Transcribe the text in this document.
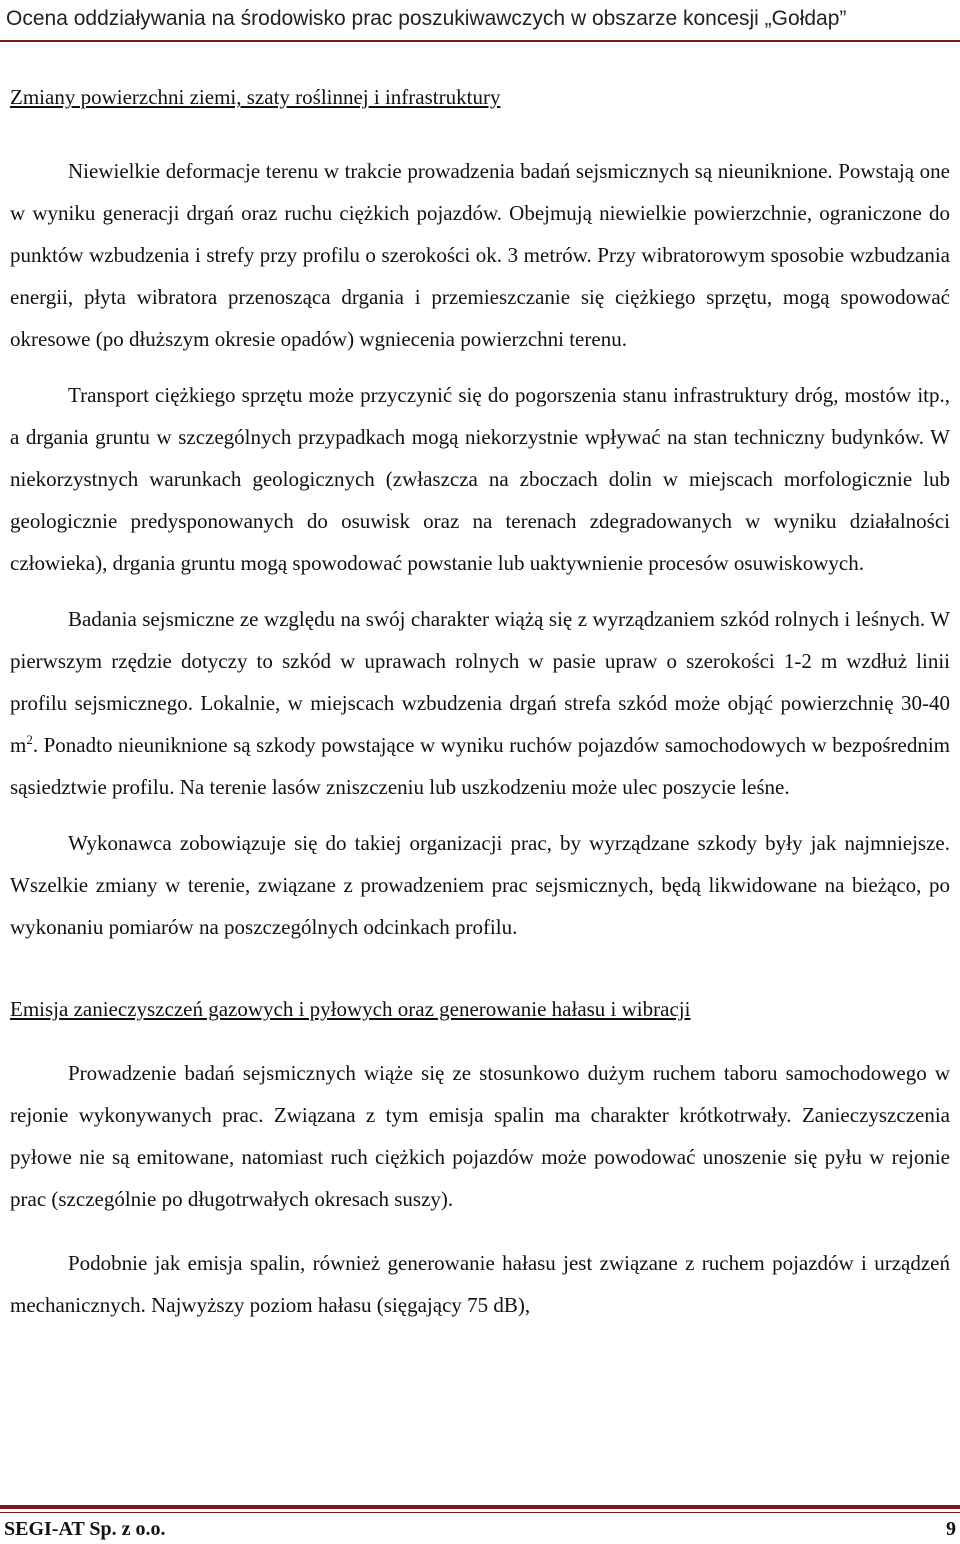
Ocena oddziaływania na środowisko prac poszukiwawczych w obszarze koncesji „Gołdap”
Zmiany powierzchni ziemi, szaty roślinnej i infrastruktury

Niewielkie deformacje terenu w trakcie prowadzenia badań sejsmicznych są nieuniknione. Powstają one w wyniku generacji drgań oraz ruchu ciężkich pojazdów. Obejmują niewielkie powierzchnie, ograniczone do punktów wzbudzenia i strefy przy profilu o szerokości ok. 3 metrów. Przy wibratorowym sposobie wzbudzania energii, płyta wibratora przenosząca drgania i przemieszczanie się ciężkiego sprzętu, mogą spowodować okresowe (po dłuższym okresie opadów) wgniecenia powierzchni terenu.

Transport ciężkiego sprzętu może przyczynić się do pogorszenia stanu infrastruktury dróg, mostów itp., a drgania gruntu w szczególnych przypadkach mogą niekorzystnie wpływać na stan techniczny budynków. W niekorzystnych warunkach geologicznych (zwłaszcza na zboczach dolin w miejscach morfologicznie lub geologicznie predysponowanych do osuwisk oraz na terenach zdegradowanych w wyniku działalności człowieka), drgania gruntu mogą spowodować powstanie lub uaktywnienie procesów osuwiskowych.

Badania sejsmiczne ze względu na swój charakter wiążą się z wyrządzaniem szkód rolnych i leśnych. W pierwszym rzędzie dotyczy to szkód w uprawach rolnych w pasie upraw o szerokości 1-2 m wzdłuż linii profilu sejsmicznego. Lokalnie, w miejscach wzbudzenia drgań strefa szkód może objąć powierzchnię 30-40 $m^2$. Ponadto nieuniknione są szkody powstające w wyniku ruchów pojazdów samochodowych w bezpośrednim sąsiedztwie profilu. Na terenie lasów zniszczeniu lub uszkodzeniu może ulec poszycie leśne.

Wykonawca zobowiązuje się do takiej organizacji prac, by wyrządzane szkody były jak najmniejsze. Wszelkie zmiany w terenie, związane z prowadzeniem prac sejsmicznych, będą likwidowane na bieżąco, po wykonaniu pomiarów na poszczególnych odcinkach profilu.

Emisja zanieczyszczeń gazowych i pyłowych oraz generowanie hałasu i wibracji

Prowadzenie badań sejsmicznych wiąże się ze stosunkowo dużym ruchem taboru samochodowego w rejonie wykonywanych prac. Związana z tym emisja spalin ma charakter krótkotrwały. Zanieczyszczenia pyłowe nie są emitowane, natomiast ruch ciężkich pojazdów może powodować unoszenie się pyłu w rejonie prac (szczególnie po długotrwałych okresach suszy).

Podobnie jak emisja spalin, również generowanie hałasu jest związane z ruchem pojazdów i urządzeń mechanicznych. Najwyższy poziom hałasu (sięgający 75 dB),

SEGI-AT Sp. z o.o.	9
